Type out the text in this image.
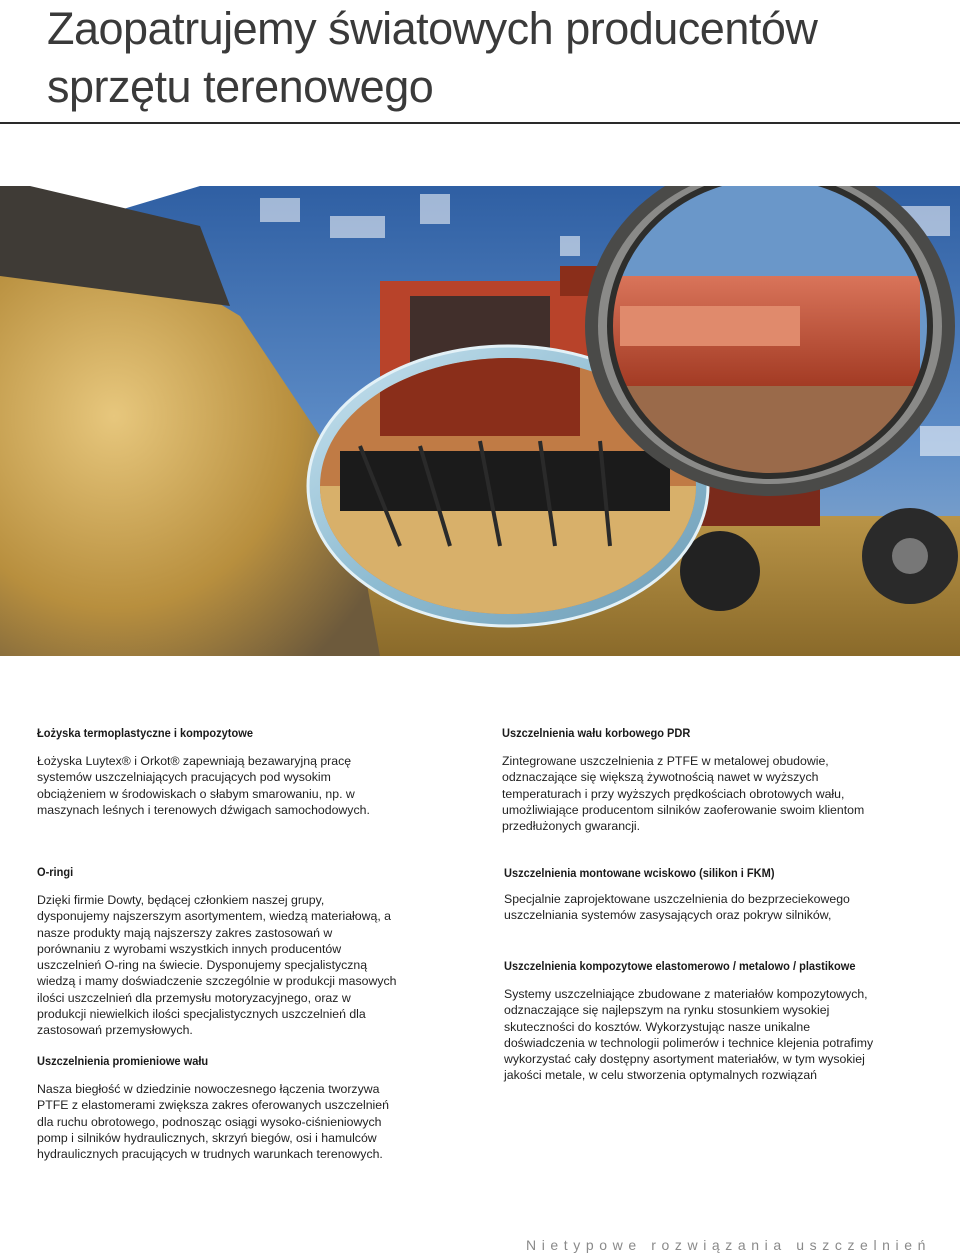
Zaopatrujemy światowych producentów
sprzętu terenowego
Łożyska termoplastyczne i kompozytowe

Łożyska Luytex® i Orkot® zapewniają bezawaryjną pracę systemów uszczelniających pracujących pod wysokim obciążeniem w środowiskach o słabym smarowaniu, np. w maszynach leśnych i terenowych dźwigach samochodowych.

Uszczelnienia wału korbowego PDR

Zintegrowane uszczelnienia z PTFE w metalowej obudowie, odznaczające się większą żywotnością nawet w wyższych temperaturach i przy wyższych prędkościach obrotowych wału, umożliwiające producentom silników zaoferowanie swoim klientom przedłużonych gwarancji.

O-ringi

Dzięki firmie Dowty, będącej członkiem naszej grupy, dysponujemy najszerszym asortymentem, wiedzą materiałową, a nasze produkty mają najszerszy zakres zastosowań w porównaniu z wyrobami wszystkich innych producentów uszczelnień O-ring na świecie. Dysponujemy specjalistyczną wiedzą i mamy doświadczenie szczególnie w produkcji masowych ilości uszczelnień dla przemysłu motoryzacyjnego, oraz w produkcji niewielkich ilości specjalistycznych uszczelnień dla zastosowań przemysłowych.

Uszczelnienia montowane wciskowo (silikon i FKM)

Specjalnie zaprojektowane uszczelnienia do bezprzeciekowego uszczelniania systemów zasysających oraz pokryw silników,

Uszczelnienia promieniowe wału

Nasza biegłość w dziedzinie nowoczesnego łączenia tworzywa PTFE z elastomerami zwiększa zakres oferowanych uszczelnień dla ruchu obrotowego, podnosząc osiągi wysoko-ciśnieniowych pomp i silników hydraulicznych, skrzyń biegów, osi i hamulców hydraulicznych pracujących w trudnych warunkach terenowych.

Uszczelnienia kompozytowe elastomerowo / metalowo / plastikowe

Systemy uszczelniające zbudowane z materiałów kompozytowych, odznaczające się najlepszym na rynku stosunkiem wysokiej skuteczności do kosztów. Wykorzystując nasze unikalne doświadczenia w technologii polimerów i technice klejenia potrafimy wykorzystać cały dostępny asortyment materiałów, w tym wysokiej jakości metale, w celu stworzenia optymalnych rozwiązań

Nietypowe rozwiązania uszczelnień
